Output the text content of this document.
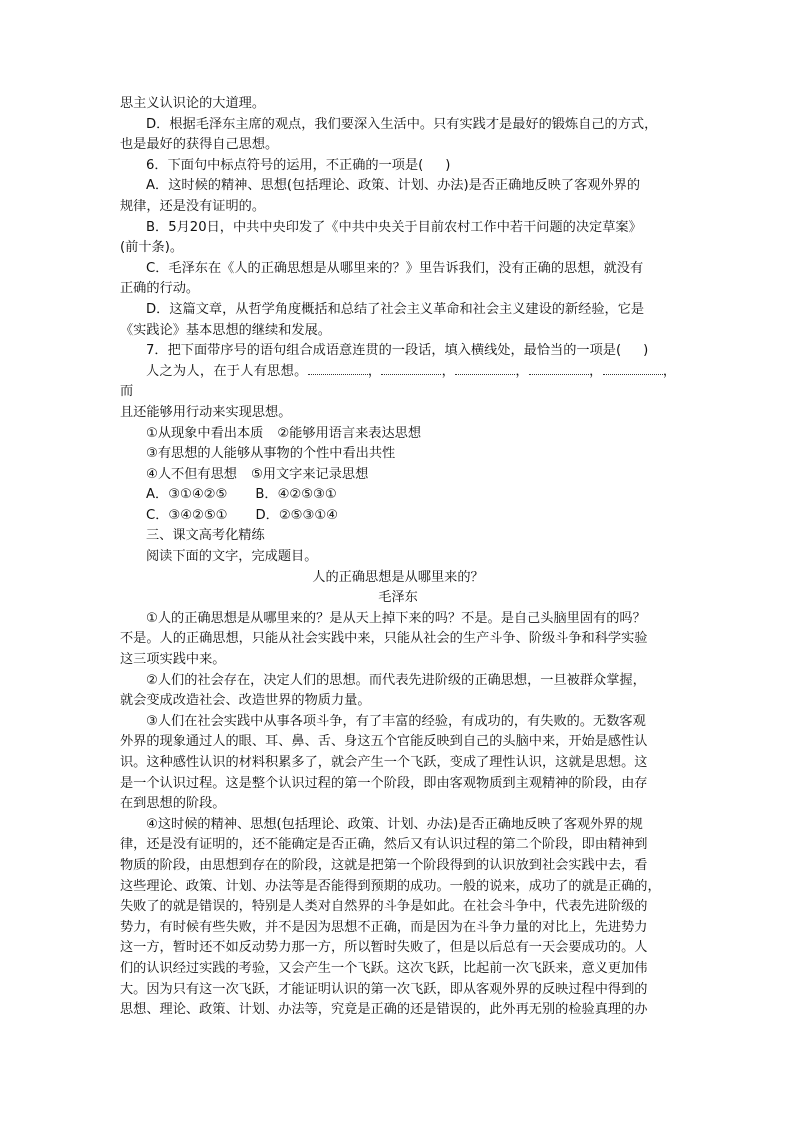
思主义认识论的大道理。

D．根据毛泽东主席的观点，我们要深入生活中。只有实践才是最好的锻炼自己的方式，

也是最好的获得自己思想。

6．下面句中标点符号的运用，不正确的一项是( )

A．这时候的精神、思想(包括理论、政策、计划、办法)是否正确地反映了客观外界的

规律，还是没有证明的。

B．5月20日，中共中央印发了《中共中央关于目前农村工作中若干问题的决定草案》

(前十条)。

C．毛泽东在《人的正确思想是从哪里来的？》里告诉我们，没有正确的思想，就没有

正确的行动。

D．这篇文章，从哲学角度概括和总结了社会主义革命和社会主义建设的新经验，它是

《实践论》基本思想的继续和发展。

7．把下面带序号的语句组合成语意连贯的一段话，填入横线处，最恰当的一项是( )

人之为人，在于人有思想。	，	，	，	，	，而

且还能够用行动来实现思想。

①从现象中看出本质 ②能够用语言来表达思想

③有思想的人能够从事物的个性中看出共性

④人不但有思想 ⑤用文字来记录思想

A．③①④②⑤ B．④②⑤③①

C．③④②⑤① D．②⑤③①④

三、课文高考化精练

阅读下面的文字，完成题目。

人的正确思想是从哪里来的？

毛泽东

①人的正确思想是从哪里来的？是从天上掉下来的吗？不是。是自己头脑里固有的吗？

不是。人的正确思想，只能从社会实践中来，只能从社会的生产斗争、阶级斗争和科学实验

这三项实践中来。

②人们的社会存在，决定人们的思想。而代表先进阶级的正确思想，一旦被群众掌握，

就会变成改造社会、改造世界的物质力量。

③人们在社会实践中从事各项斗争，有了丰富的经验，有成功的，有失败的。无数客观

外界的现象通过人的眼、耳、鼻、舌、身这五个官能反映到自己的头脑中来，开始是感性认

识。这种感性认识的材料积累多了，就会产生一个飞跃，变成了理性认识，这就是思想。这

是一个认识过程。这是整个认识过程的第一个阶段，即由客观物质到主观精神的阶段，由存

在到思想的阶段。

④这时候的精神、思想(包括理论、政策、计划、办法)是否正确地反映了客观外界的规

律，还是没有证明的，还不能确定是否正确，然后又有认识过程的第二个阶段，即由精神到

物质的阶段，由思想到存在的阶段，这就是把第一个阶段得到的认识放到社会实践中去，看

这些理论、政策、计划、办法等是否能得到预期的成功。一般的说来，成功了的就是正确的，

失败了的就是错误的，特别是人类对自然界的斗争是如此。在社会斗争中，代表先进阶级的

势力，有时候有些失败，并不是因为思想不正确，而是因为在斗争力量的对比上，先进势力

这一方，暂时还不如反动势力那一方，所以暂时失败了，但是以后总有一天会要成功的。人

们的认识经过实践的考验，又会产生一个飞跃。这次飞跃，比起前一次飞跃来，意义更加伟

大。因为只有这一次飞跃，才能证明认识的第一次飞跃，即从客观外界的反映过程中得到的

思想、理论、政策、计划、办法等，究竟是正确的还是错误的，此外再无别的检验真理的办
